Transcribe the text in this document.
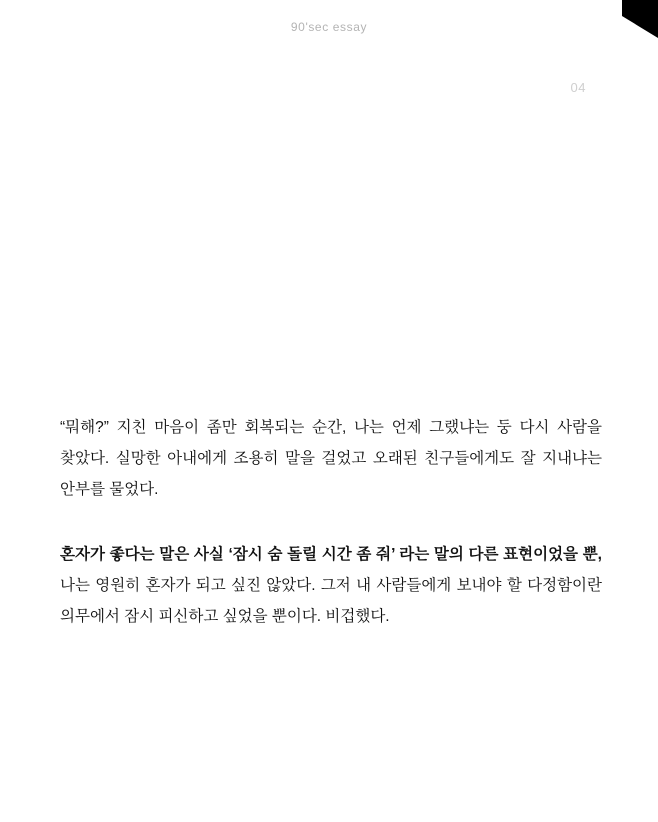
90'sec essay
04

“뭐해?” 지친 마음이 좀만 회복되는 순간, 나는 언제 그랬냐는 둥 다시 사람을 찾았다. 실망한 아내에게 조용히 말을 걸었고 오래된 친구들에게도 잘 지내냐는 안부를 물었다.

혼자가 좋다는 말은 사실 ‘잠시 숨 돌릴 시간 좀 줘’ 라는 말의 다른 표현이었을 뿐, 나는 영원히 혼자가 되고 싶진 않았다. 그저 내 사람들에게 보내야 할 다정함이란 의무에서 잠시 피신하고 싶었을 뿐이다. 비겁했다.
